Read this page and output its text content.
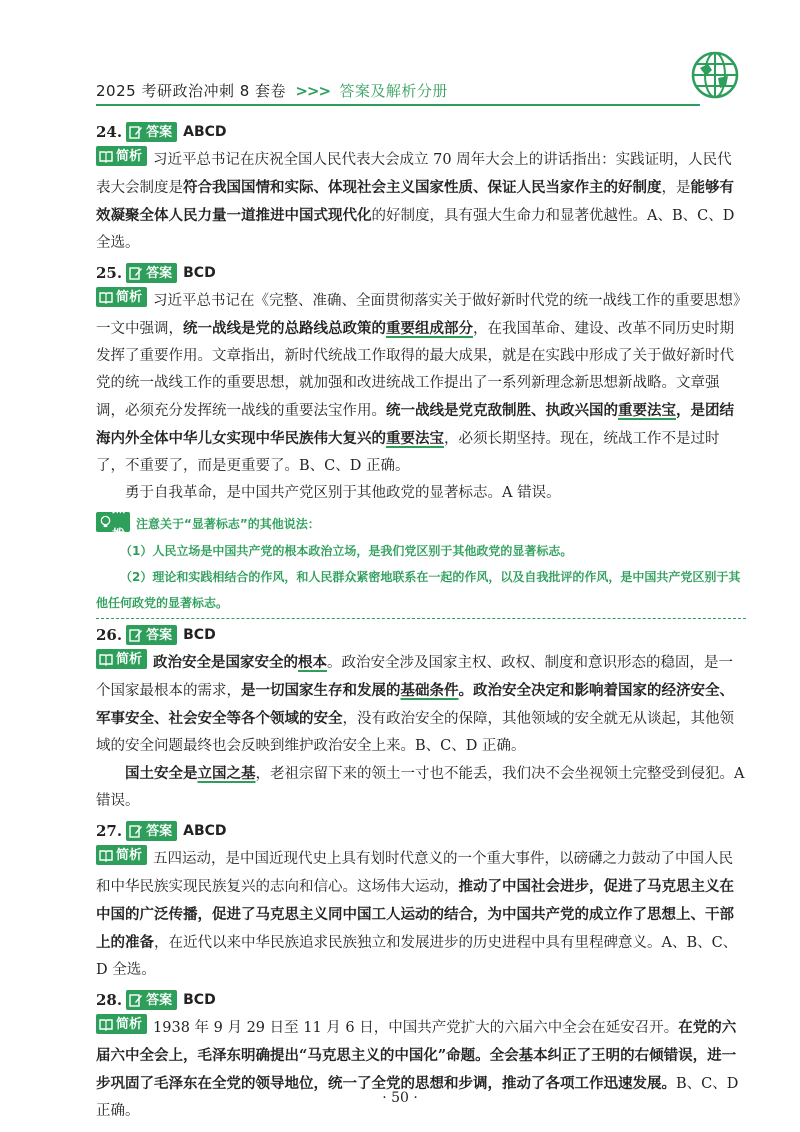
2025 考研政治冲刺 8 套卷 >>> 答案及解析分册
24. 答案 ABCD

简析 习近平总书记在庆祝全国人民代表大会成立 70 周年大会上的讲话指出：实践证明，人民代表大会制度是符合我国国情和实际、体现社会主义国家性质、保证人民当家作主的好制度，是能够有效凝聚全体人民力量一道推进中国式现代化的好制度，具有强大生命力和显著优越性。A、B、C、D 全选。

25. 答案 BCD

简析 习近平总书记在《完整、准确、全面贯彻落实关于做好新时代党的统一战线工作的重要思想》一文中强调，统一战线是党的总路线总政策的重要组成部分，在我国革命、建设、改革不同历史时期发挥了重要作用。文章指出，新时代统战工作取得的最大成果，就是在实践中形成了关于做好新时代党的统一战线工作的重要思想，就加强和改进统战工作提出了一系列新理念新思想新战略。文章强调，必须充分发挥统一战线的重要法宝作用。统一战线是党克敌制胜、执政兴国的重要法宝，是团结海内外全体中华儿女实现中华民族伟大复兴的重要法宝，必须长期坚持。现在，统战工作不是过时了，不重要了，而是更重要了。B、C、D 正确。

勇于自我革命，是中国共产党区别于其他政党的显著标志。A 错误。

点拨
注意关于“显著标志”的其他说法：

（1）人民立场是中国共产党的根本政治立场，是我们党区别于其他政党的显著标志。

（2）理论和实践相结合的作风，和人民群众紧密地联系在一起的作风，以及自我批评的作风，是中国共产党区别于其他任何政党的显著标志。

26. 答案 BCD

简析 政治安全是国家安全的根本。政治安全涉及国家主权、政权、制度和意识形态的稳固，是一个国家最根本的需求，是一切国家生存和发展的基础条件。政治安全决定和影响着国家的经济安全、军事安全、社会安全等各个领域的安全，没有政治安全的保障，其他领域的安全就无从谈起，其他领域的安全问题最终也会反映到维护政治安全上来。B、C、D 正确。

国土安全是立国之基，老祖宗留下来的领土一寸也不能丢，我们决不会坐视领土完整受到侵犯。A 错误。

27. 答案 ABCD

简析 五四运动，是中国近现代史上具有划时代意义的一个重大事件，以磅礴之力鼓动了中国人民和中华民族实现民族复兴的志向和信心。这场伟大运动，推动了中国社会进步，促进了马克思主义在中国的广泛传播，促进了马克思主义同中国工人运动的结合，为中国共产党的成立作了思想上、干部上的准备，在近代以来中华民族追求民族独立和发展进步的历史进程中具有里程碑意义。A、B、C、D 全选。

28. 答案 BCD

简析 1938 年 9 月 29 日至 11 月 6 日，中国共产党扩大的六届六中全会在延安召开。在党的六届六中全会上，毛泽东明确提出“马克思主义的中国化”命题。全会基本纠正了王明的右倾错误，进一步巩固了毛泽东在全党的领导地位，统一了全党的思想和步调，推动了各项工作迅速发展。B、C、D 正确。

· 50 ·
